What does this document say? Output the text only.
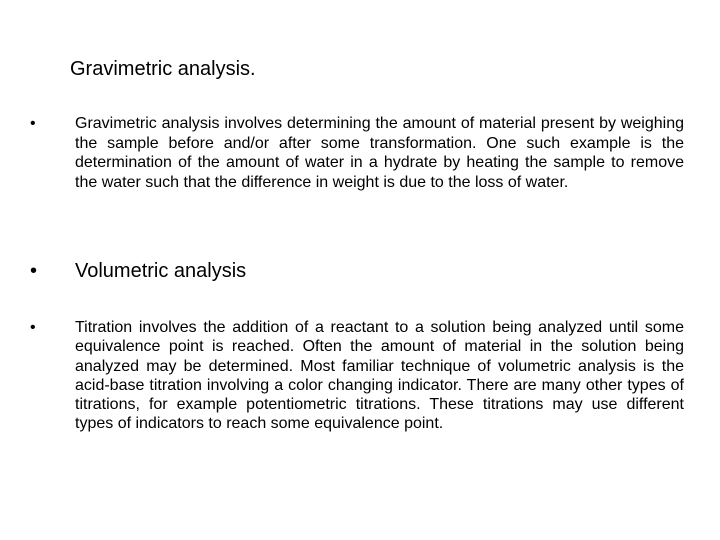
Gravimetric analysis.
• Gravimetric analysis involves determining the amount of material present by weighing the sample before and/or after some transformation. One such example is the determination of the amount of water in a hydrate by heating the sample to remove the water such that the difference in weight is due to the loss of water.
• Volumetric analysis
• Titration involves the addition of a reactant to a solution being analyzed until some equivalence point is reached. Often the amount of material in the solution being analyzed may be determined. Most familiar technique of volumetric analysis is the acid-base titration involving a color changing indicator. There are many other types of titrations, for example potentiometric titrations. These titrations may use different types of indicators to reach some equivalence point.
